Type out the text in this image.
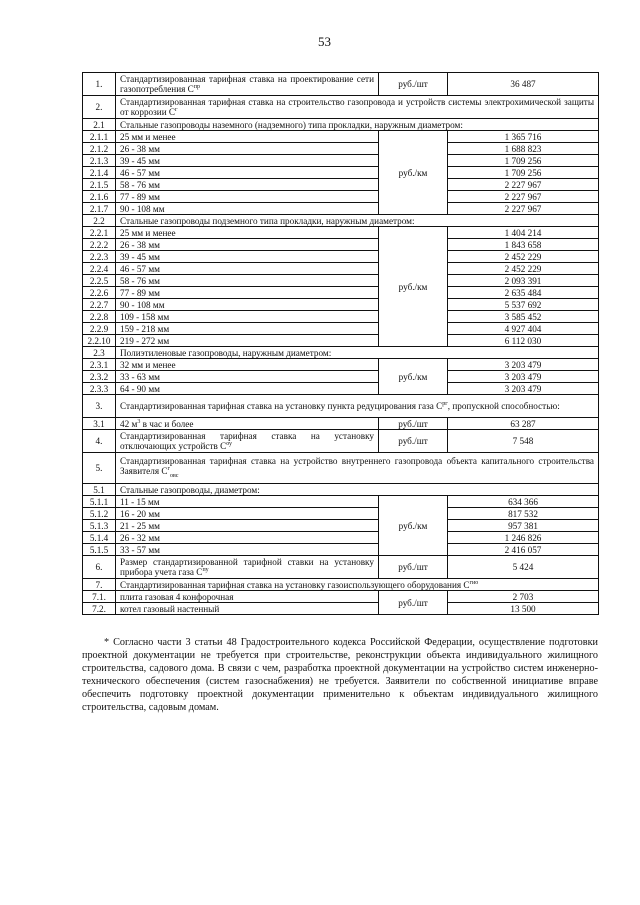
53
1.	Стандартизированная тарифная ставка на проектирование сети газопотребления $С^{пр}$	руб./шт	36 487
2.	Стандартизированная тарифная ставка на строительство газопровода и устройств системы электрохимической защиты от коррозии $С^г$
2.1	Стальные газопроводы наземного (надземного) типа прокладки, наружным диаметром:		
2.1.1	25 мм и менее	руб./км	1 365 716
2.1.2	26 - 38 мм		1 688 823
2.1.3	39 - 45 мм		1 709 256
2.1.4	46 - 57 мм		1 709 256
2.1.5	58 - 76 мм		2 227 967
2.1.6	77 - 89 мм		2 227 967
2.1.7	90 - 108 мм		2 227 967
2.2	Стальные газопроводы подземного типа прокладки, наружным диаметром:		
2.2.1	25 мм и менее	руб./км	1 404 214
2.2.2	26 - 38 мм		1 843 658
2.2.3	39 - 45 мм		2 452 229
2.2.4	46 - 57 мм		2 452 229
2.2.5	58 - 76 мм		2 093 391
2.2.6	77 - 89 мм		2 635 484
2.2.7	90 - 108 мм		5 537 692
2.2.8	109 - 158 мм		3 585 452
2.2.9	159 - 218 мм		4 927 404
2.2.10	219 - 272 мм		6 112 030
2.3	Полиэтиленовые газопроводы, наружным диаметром:		
2.3.1	32 мм и менее	руб./км	3 203 479
2.3.2	33 - 63 мм		3 203 479
2.3.3	64 - 90 мм		3 203 479
3.	Стандартизированная тарифная ставка на установку пункта редуцирования газа $С^{рг}$, пропускной способностью:		
3.1	42 $м^3$ в час и более	руб./шт	63 287
4.	Стандартизированная тарифная ставка на установку отключающих устройств $С^{оу}$	руб./шт	7 548
5.	Стандартизированная тарифная ставка на устройство внутреннего газопровода объекта капитального строительства Заявителя $С^г_{овс}$
5.1	Стальные газопроводы, диаметром:		
5.1.1	11 - 15 мм	руб./км	634 366
5.1.2	16 - 20 мм		817 532
5.1.3	21 - 25 мм		957 381
5.1.4	26 - 32 мм		1 246 826
5.1.5	33 - 57 мм		2 416 057
6.	Размер стандартизированной тарифной ставки на установку прибора учета газа $С^{пу}$	руб./шт	5 424
7.	Стандартизированная тарифная ставка на установку газоиспользующего оборудования $С^{гио}$
7.1.	плита газовая 4 конфорочная	руб./шт	2 703
7.2.	котел газовый настенный		13 500
* Согласно части 3 статьи 48 Градостроительного кодекса Российской Федерации, осуществление подготовки проектной документации не требуется при строительстве, реконструкции объекта индивидуального жилищного строительства, садового дома. В связи с чем, разработка проектной документации на устройство систем инженерно-технического обеспечения (систем газоснабжения) не требуется. Заявители по собственной инициативе вправе обеспечить подготовку проектной документации применительно к объектам индивидуального жилищного строительства, садовым домам.
